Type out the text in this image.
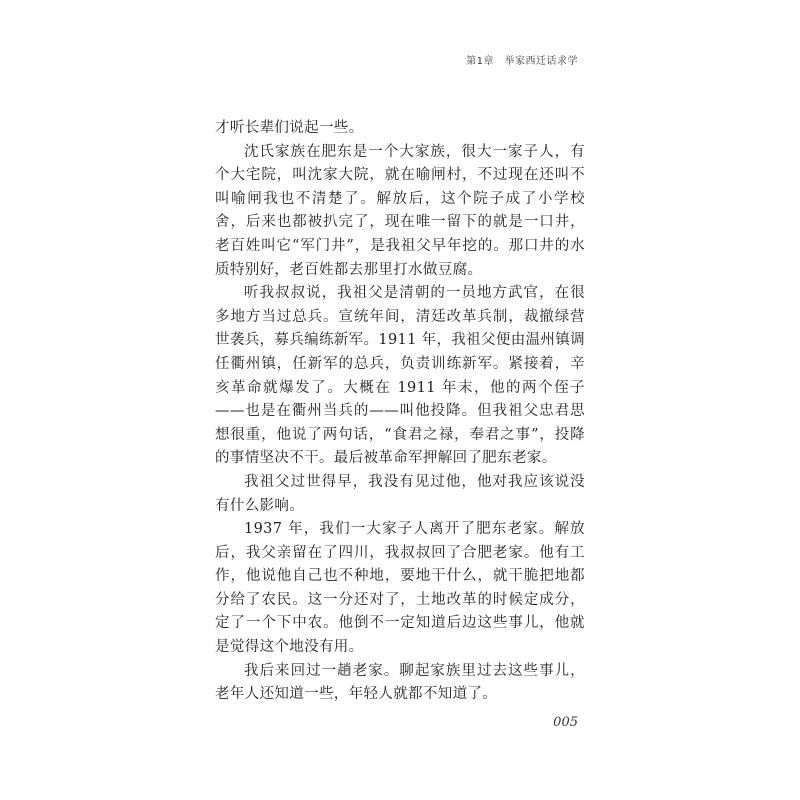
第1章　举家西迁话求学

才听长辈们说起一些。

沈氏家族在肥东是一个大家族，很大一家子人，有个大宅院，叫沈家大院，就在喻闸村，不过现在还叫不叫喻闸我也不清楚了。解放后，这个院子成了小学校舍，后来也都被扒完了，现在唯一留下的就是一口井，老百姓叫它“军门井”，是我祖父早年挖的。那口井的水质特别好，老百姓都去那里打水做豆腐。

听我叔叔说，我祖父是清朝的一员地方武官，在很多地方当过总兵。宣统年间，清廷改革兵制，裁撤绿营世袭兵，募兵编练新军。1911 年，我祖父便由温州镇调任衢州镇，任新军的总兵，负责训练新军。紧接着，辛亥革命就爆发了。大概在 1911 年末，他的两个侄子——也是在衢州当兵的——叫他投降。但我祖父忠君思想很重，他说了两句话，“食君之禄，奉君之事”，投降的事情坚决不干。最后被革命军押解回了肥东老家。

我祖父过世得早，我没有见过他，他对我应该说没有什么影响。

1937 年，我们一大家子人离开了肥东老家。解放后，我父亲留在了四川，我叔叔回了合肥老家。他有工作，他说他自己也不种地，要地干什么，就干脆把地都分给了农民。这一分还对了，土地改革的时候定成分，定了一个下中农。他倒不一定知道后边这些事儿，他就是觉得这个地没有用。

我后来回过一趟老家。聊起家族里过去这些事儿，老年人还知道一些，年轻人就都不知道了。

005
